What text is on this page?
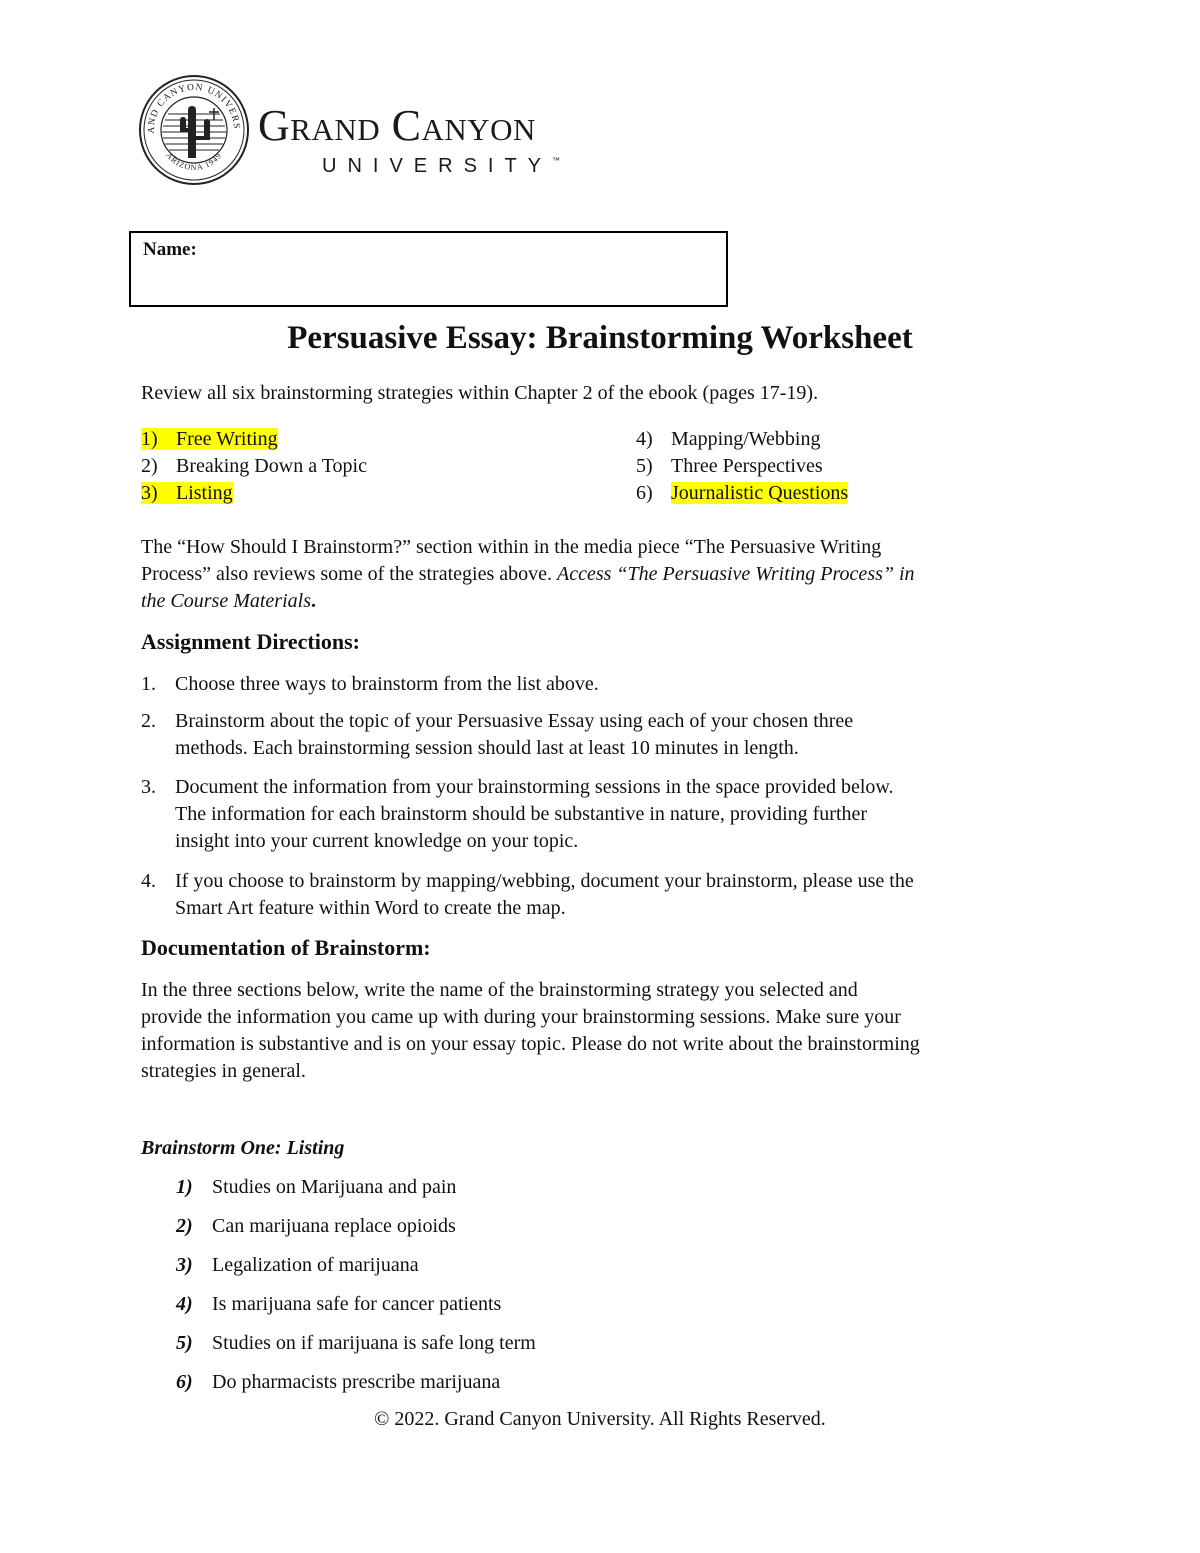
AND CANYON UNIVERS
ARIZONA 1949
Grand Canyon
UNIVERSITY™
Name:
Persuasive Essay: Brainstorming Worksheet
Review all six brainstorming strategies within Chapter 2 of the ebook (pages 17-19).
1) Free Writing
2) Breaking Down a Topic
3) Listing
4) Mapping/Webbing
5) Three Perspectives
6) Journalistic Questions
The “How Should I Brainstorm?” section within in the media piece “The Persuasive Writing
Process” also reviews some of the strategies above. Access “The Persuasive Writing Process” in
the Course Materials.
Assignment Directions:
1. Choose three ways to brainstorm from the list above.
2. Brainstorm about the topic of your Persuasive Essay using each of your chosen three
methods. Each brainstorming session should last at least 10 minutes in length.
3. Document the information from your brainstorming sessions in the space provided below.
The information for each brainstorm should be substantive in nature, providing further
insight into your current knowledge on your topic.
4. If you choose to brainstorm by mapping/webbing, document your brainstorm, please use the
Smart Art feature within Word to create the map.
Documentation of Brainstorm:
In the three sections below, write the name of the brainstorming strategy you selected and
provide the information you came up with during your brainstorming sessions. Make sure your
information is substantive and is on your essay topic. Please do not write about the brainstorming
strategies in general.
Brainstorm One: Listing
1) Studies on Marijuana and pain
2) Can marijuana replace opioids
3) Legalization of marijuana
4) Is marijuana safe for cancer patients
5) Studies on if marijuana is safe long term
6) Do pharmacists prescribe marijuana
© 2022. Grand Canyon University. All Rights Reserved.
